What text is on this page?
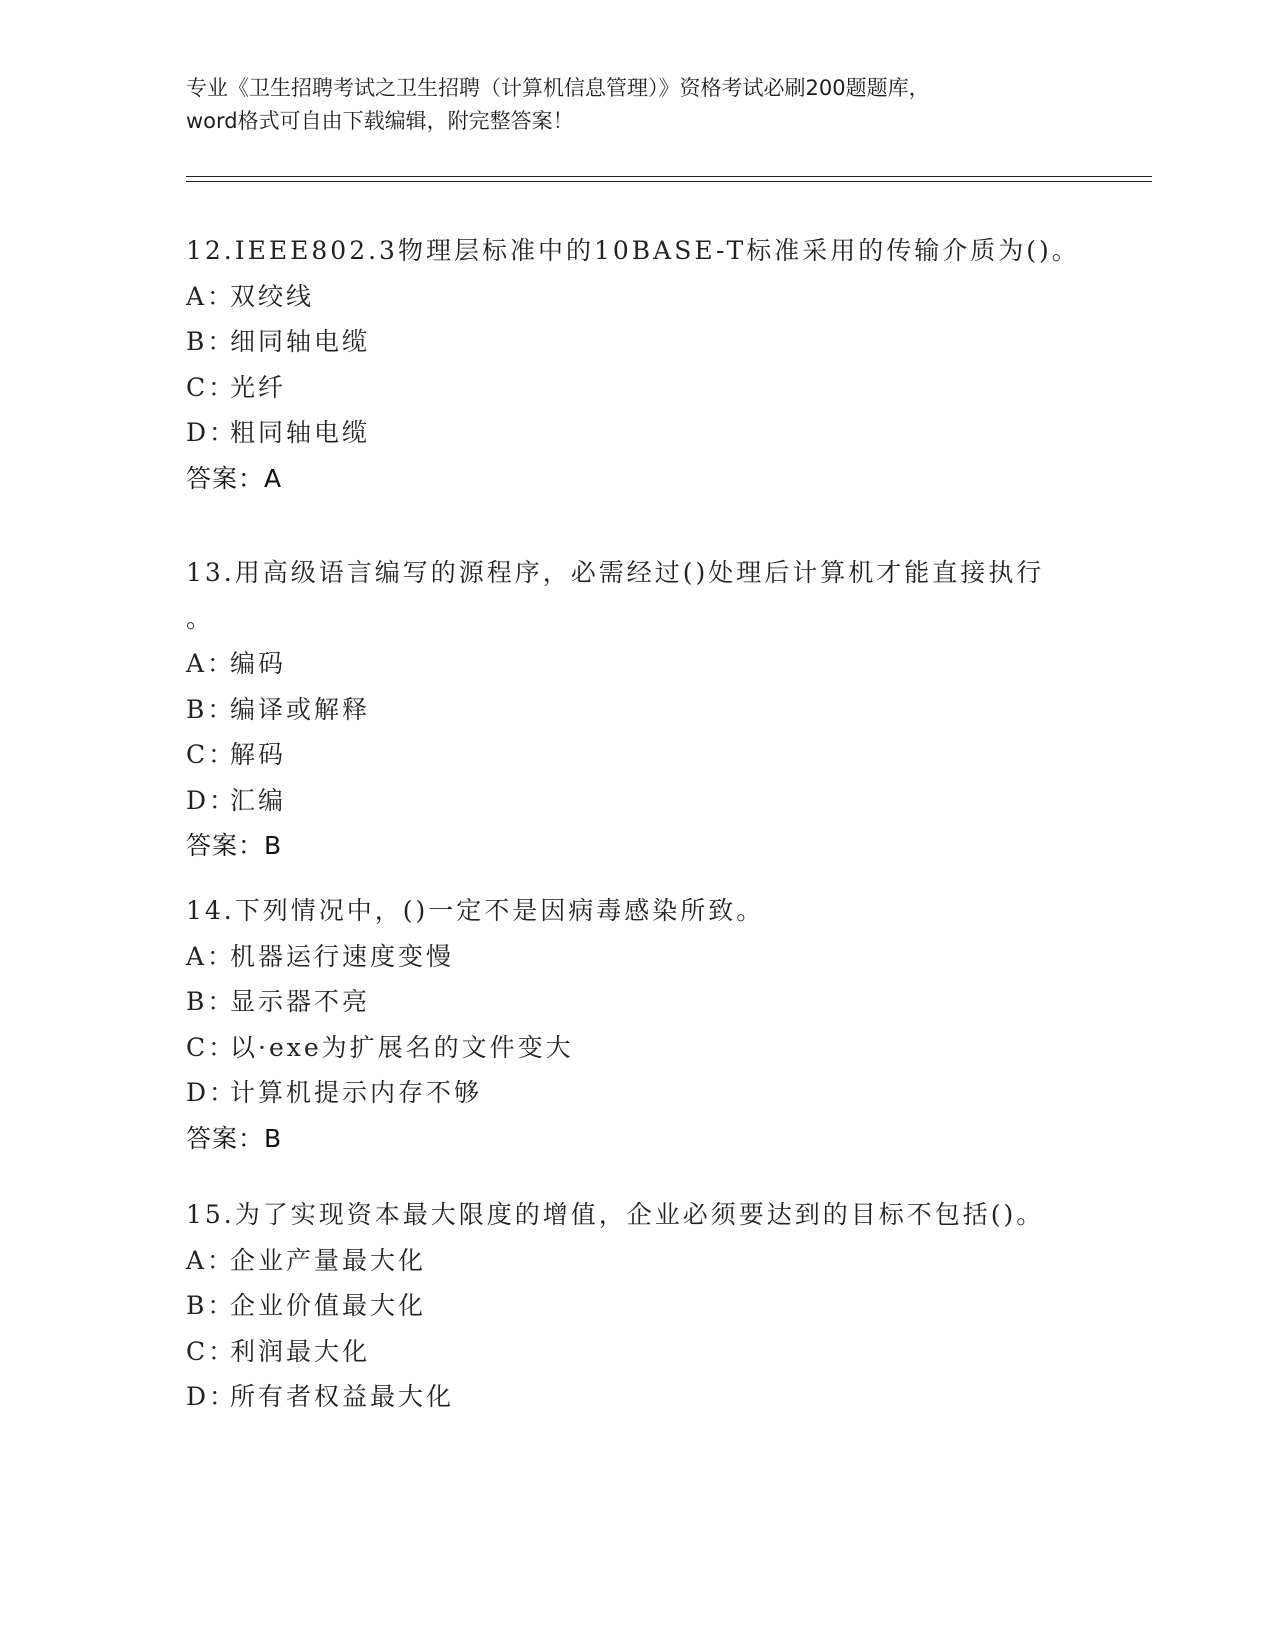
专业《卫生招聘考试之卫生招聘（计算机信息管理）》资格考试必刷200题题库，
word格式可自由下载编辑，附完整答案！
12.IEEE802.3物理层标准中的10BASE-T标准采用的传输介质为()。
A：双绞线
B：细同轴电缆
C：光纤
D：粗同轴电缆
答案：A
13.用高级语言编写的源程序，必需经过()处理后计算机才能直接执行
。
A：编码
B：编译或解释
C：解码
D：汇编
答案：B
14.下列情况中，()一定不是因病毒感染所致。
A：机器运行速度变慢
B：显示器不亮
C：以·exe为扩展名的文件变大
D：计算机提示内存不够
答案：B
15.为了实现资本最大限度的增值，企业必须要达到的目标不包括()。
A：企业产量最大化
B：企业价值最大化
C：利润最大化
D：所有者权益最大化
